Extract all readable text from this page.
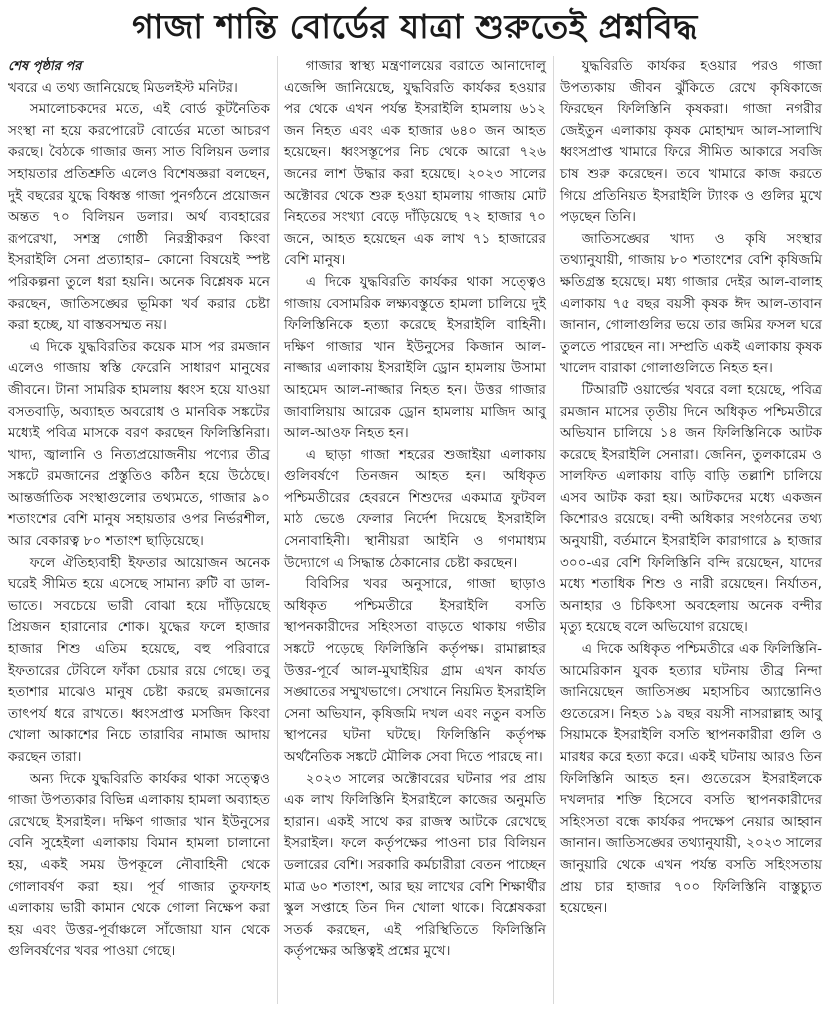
গাজা শান্তি বোর্ডের যাত্রা শুরুতেই প্রশ্নবিদ্ধ
শেষ পৃষ্ঠার পর

খবরে এ তথ্য জানিয়েছে মিডলইস্ট মনিটর।

সমালোচকদের মতে, এই বোর্ড কূটনৈতিক সংস্থা না হয়ে করপোরেট বোর্ডের মতো আচরণ করছে। বৈঠকে গাজার জন্য সাত বিলিয়ন ডলার সহায়তার প্রতিশ্রুতি এলেও বিশেষজ্ঞরা বলছেন, দুই বছরের যুদ্ধে বিধ্বস্ত গাজা পুনর্গঠনে প্রয়োজন অন্তত ৭০ বিলিয়ন ডলার। অর্থ ব্যবহারের রূপরেখা, সশস্ত্র গোষ্ঠী নিরস্ত্রীকরণ কিংবা ইসরাইলি সেনা প্রত্যাহার– কোনো বিষয়েই স্পষ্ট পরিকল্পনা তুলে ধরা হয়নি। অনেক বিশ্লেষক মনে করছেন, জাতিসঙ্ঘের ভূমিকা খর্ব করার চেষ্টা করা হচ্ছে, যা বাস্তবসম্মত নয়।

এ দিকে যুদ্ধবিরতির কয়েক মাস পর রমজান এলেও গাজায় স্বস্তি ফেরেনি সাধারণ মানুষের জীবনে। টানা সামরিক হামলায় ধ্বংস হয়ে যাওয়া বসতবাড়ি, অব্যাহত অবরোধ ও মানবিক সঙ্কটের মধ্যেই পবিত্র মাসকে বরণ করছেন ফিলিস্তিনিরা। খাদ্য, জ্বালানি ও নিত্যপ্রয়োজনীয় পণ্যের তীব্র সঙ্কটে রমজানের প্রস্তুতিও কঠিন হয়ে উঠেছে। আন্তর্জাতিক সংস্থাগুলোর তথ্যমতে, গাজার ৯০ শতাংশের বেশি মানুষ সহায়তার ওপর নির্ভরশীল, আর বেকারত্ব ৮০ শতাংশ ছাড়িয়েছে।

ফলে ঐতিহ্যবাহী ইফতার আয়োজন অনেক ঘরেই সীমিত হয়ে এসেছে সামান্য রুটি বা ডাল-ভাতে। সবচেয়ে ভারী বোঝা হয়ে দাঁড়িয়েছে প্রিয়জন হারানোর শোক। যুদ্ধের ফলে হাজার হাজার শিশু এতিম হয়েছে, বহু পরিবারে ইফতারের টেবিলে ফাঁকা চেয়ার রয়ে গেছে। তবু হতাশার মাঝেও মানুষ চেষ্টা করছে রমজানের তাৎপর্য ধরে রাখতে। ধ্বংসপ্রাপ্ত মসজিদ কিংবা খোলা আকাশের নিচে তারাবির নামাজ আদায় করছেন তারা।

অন্য দিকে যুদ্ধবিরতি কার্যকর থাকা সত্ত্বেও গাজা উপত্যকার বিভিন্ন এলাকায় হামলা অব্যাহত রেখেছে ইসরাইল। দক্ষিণ গাজার খান ইউনুসের বেনি সুহেইলা এলাকায় বিমান হামলা চালানো হয়, একই সময় উপকূলে নৌবাহিনী থেকে গোলাবর্ষণ করা হয়। পূর্ব গাজার তুফফাহ এলাকায় ভারী কামান থেকে গোলা নিক্ষেপ করা হয় এবং উত্তর-পূর্বাঞ্চলে সাঁজোয়া যান থেকে গুলিবর্ষণের খবর পাওয়া গেছে।

গাজার স্বাস্থ্য মন্ত্রণালয়ের বরাতে আনাদোলু এজেন্সি জানিয়েছে, যুদ্ধবিরতি কার্যকর হওয়ার পর থেকে এখন পর্যন্ত ইসরাইলি হামলায় ৬১২ জন নিহত এবং এক হাজার ৬৪০ জন আহত হয়েছেন। ধ্বংসস্তূপের নিচ থেকে আরো ৭২৬ জনের লাশ উদ্ধার করা হয়েছে। ২০২৩ সালের অক্টোবর থেকে শুরু হওয়া হামলায় গাজায় মোট নিহতের সংখ্যা বেড়ে দাঁড়িয়েছে ৭২ হাজার ৭০ জনে, আহত হয়েছেন এক লাখ ৭১ হাজারের বেশি মানুষ।

এ দিকে যুদ্ধবিরতি কার্যকর থাকা সত্ত্বেও গাজায় বেসামরিক লক্ষ্যবস্তুতে হামলা চালিয়ে দুই ফিলিস্তিনিকে হত্যা করেছে ইসরাইলি বাহিনী। দক্ষিণ গাজার খান ইউনুসের কিজান আল-নাজ্জার এলাকায় ইসরাইলি ড্রোন হামলায় উসামা আহমেদ আল-নাজ্জার নিহত হন। উত্তর গাজার জাবালিয়ায় আরেক ড্রোন হামলায় মাজিদ আবু আল-আওফ নিহত হন।

এ ছাড়া গাজা শহরের শুজাইয়া এলাকায় গুলিবর্ষণে তিনজন আহত হন। অধিকৃত পশ্চিমতীরের হেবরনে শিশুদের একমাত্র ফুটবল মাঠ ভেঙে ফেলার নির্দেশ দিয়েছে ইসরাইলি সেনাবাহিনী। স্থানীয়রা আইনি ও গণমাধ্যম উদ্যোগে এ সিদ্ধান্ত ঠেকানোর চেষ্টা করছেন।

বিবিসির খবর অনুসারে, গাজা ছাড়াও অধিকৃত পশ্চিমতীরে ইসরাইলি বসতি স্থাপনকারীদের সহিংসতা বাড়তে থাকায় গভীর সঙ্কটে পড়েছে ফিলিস্তিনি কর্তৃপক্ষ। রামাল্লাহর উত্তর-পূর্বে আল-মুঘাইয়ির গ্রাম এখন কার্যত সঙ্ঘাতের সম্মুখভাগে। সেখানে নিয়মিত ইসরাইলি সেনা অভিযান, কৃষিজমি দখল এবং নতুন বসতি স্থাপনের ঘটনা ঘটছে। ফিলিস্তিনি কর্তৃপক্ষ অর্থনৈতিক সঙ্কটে মৌলিক সেবা দিতে পারছে না।

২০২৩ সালের অক্টোবরের ঘটনার পর প্রায় এক লাখ ফিলিস্তিনি ইসরাইলে কাজের অনুমতি হারান। একই সাথে কর রাজস্ব আটকে রেখেছে ইসরাইল। ফলে কর্তৃপক্ষের পাওনা চার বিলিয়ন ডলারের বেশি। সরকারি কর্মচারীরা বেতন পাচ্ছেন মাত্র ৬০ শতাংশ, আর ছয় লাখের বেশি শিক্ষার্থীর স্কুল সপ্তাহে তিন দিন খোলা থাকে। বিশ্লেষকরা সতর্ক করছেন, এই পরিস্থিতিতে ফিলিস্তিনি কর্তৃপক্ষের অস্তিত্বই প্রশ্নের মুখে।

যুদ্ধবিরতি কার্যকর হওয়ার পরও গাজা উপত্যকায় জীবন ঝুঁকিতে রেখে কৃষিকাজে ফিরছেন ফিলিস্তিনি কৃষকরা। গাজা নগরীর জেইতুন এলাকায় কৃষক মোহাম্মদ আল-সালাখি ধ্বংসপ্রাপ্ত খামারে ফিরে সীমিত আকারে সবজি চাষ শুরু করেছেন। তবে খামারে কাজ করতে গিয়ে প্রতিনিয়ত ইসরাইলি ট্যাংক ও গুলির মুখে পড়ছেন তিনি।

জাতিসঙ্ঘের খাদ্য ও কৃষি সংস্থার তথ্যানুযায়ী, গাজায় ৮০ শতাংশের বেশি কৃষিজমি ক্ষতিগ্রস্ত হয়েছে। মধ্য গাজার দেইর আল-বালাহ এলাকায় ৭৫ বছর বয়সী কৃষক ঈদ আল-তাবান জানান, গোলাগুলির ভয়ে তার জমির ফসল ঘরে তুলতে পারছেন না। সম্প্রতি একই এলাকায় কৃষক খালেদ বারাকা গোলাগুলিতে নিহত হন।

টিআরটি ওয়ার্ল্ডের খবরে বলা হয়েছে, পবিত্র রমজান মাসের তৃতীয় দিনে অধিকৃত পশ্চিমতীরে অভিযান চালিয়ে ১৪ জন ফিলিস্তিনিকে আটক করেছে ইসরাইলি সেনারা। জেনিন, তুলকারেম ও সালফিত এলাকায় বাড়ি বাড়ি তল্লাশি চালিয়ে এসব আটক করা হয়। আটকদের মধ্যে একজন কিশোরও রয়েছে। বন্দী অধিকার সংগঠনের তথ্য অনুযায়ী, বর্তমানে ইসরাইলি কারাগারে ৯ হাজার ৩০০-এর বেশি ফিলিস্তিনি বন্দি রয়েছেন, যাদের মধ্যে শতাধিক শিশু ও নারী রয়েছেন। নির্যাতন, অনাহার ও চিকিৎসা অবহেলায় অনেক বন্দীর মৃত্যু হয়েছে বলে অভিযোগ রয়েছে।

এ দিকে অধিকৃত পশ্চিমতীরে এক ফিলিস্তিনি-আমেরিকান যুবক হত্যার ঘটনায় তীব্র নিন্দা জানিয়েছেন জাতিসঙ্ঘ মহাসচিব অ্যান্তোনিও গুতেরেস। নিহত ১৯ বছর বয়সী নাসরাল্লাহ আবু সিয়ামকে ইসরাইলি বসতি স্থাপনকারীরা গুলি ও মারধর করে হত্যা করে। একই ঘটনায় আরও তিন ফিলিস্তিনি আহত হন। গুতেরেস ইসরাইলকে দখলদার শক্তি হিসেবে বসতি স্থাপনকারীদের সহিংসতা বন্ধে কার্যকর পদক্ষেপ নেয়ার আহ্বান জানান। জাতিসঙ্ঘের তথ্যানুযায়ী, ২০২৩ সালের জানুয়ারি থেকে এখন পর্যন্ত বসতি সহিংসতায় প্রায় চার হাজার ৭০০ ফিলিস্তিনি বাস্তুচ্যুত হয়েছেন।
